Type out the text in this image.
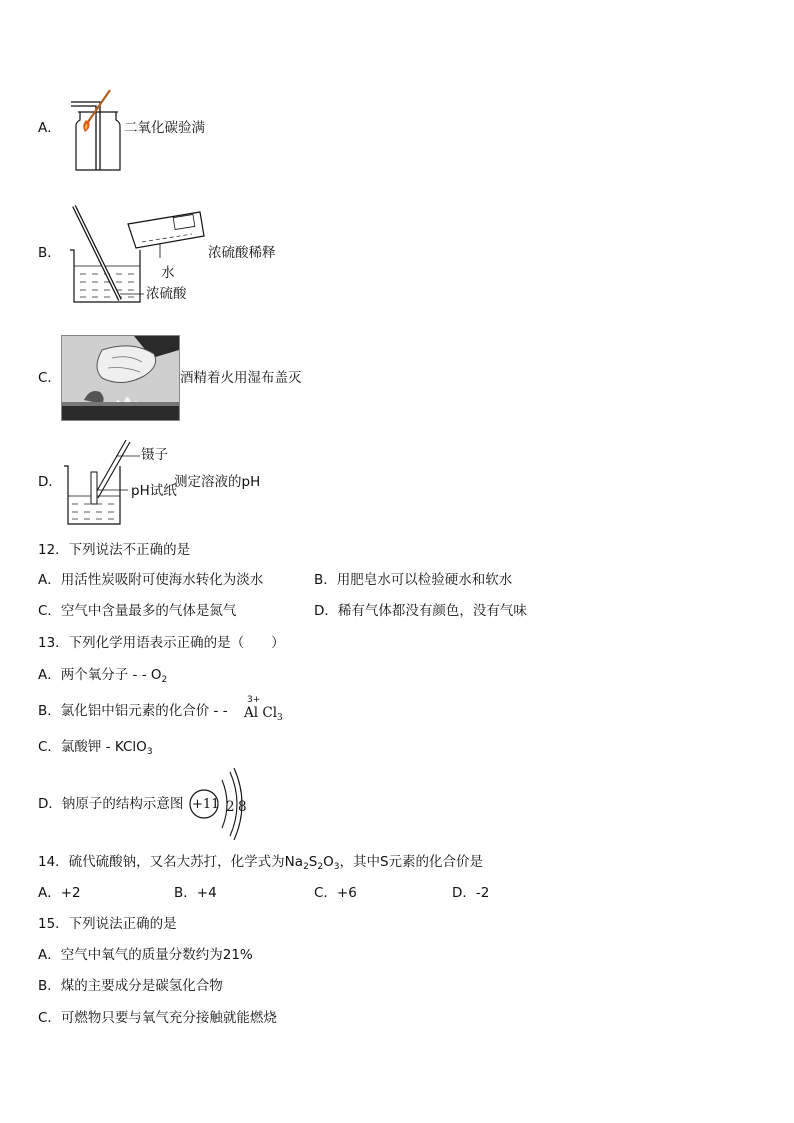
A．	二氧化碳验满
B．	浓硫酸稀释
水
浓硫酸
C．	酒精着火用湿布盖灭
D．
镊子
pH试纸
测定溶液的pH
12．下列说法不正确的是
A．用活性炭吸附可使海水转化为淡水	B．用肥皂水可以检验硬水和软水
C．空气中含量最多的气体是氮气	D．稀有气体都没有颜色，没有气味
13．下列化学用语表示正确的是（　　）
A．两个氧分子 - - $O_2$
B．氯化铝中铝元素的化合价 - -
3+
Al $Cl_3$
C．氯酸钾 - KClO$_3$
D．钠原子的结构示意图 +11 2 8
14．硫代硫酸钠，又名大苏打，化学式为$Na_2S_2O_3$，其中S元素的化合价是
A．+2	B．+4	C．+6	D．-2
15．下列说法正确的是
A．空气中氧气的质量分数约为21%
B．煤的主要成分是碳氢化合物
C．可燃物只要与氧气充分接触就能燃烧
